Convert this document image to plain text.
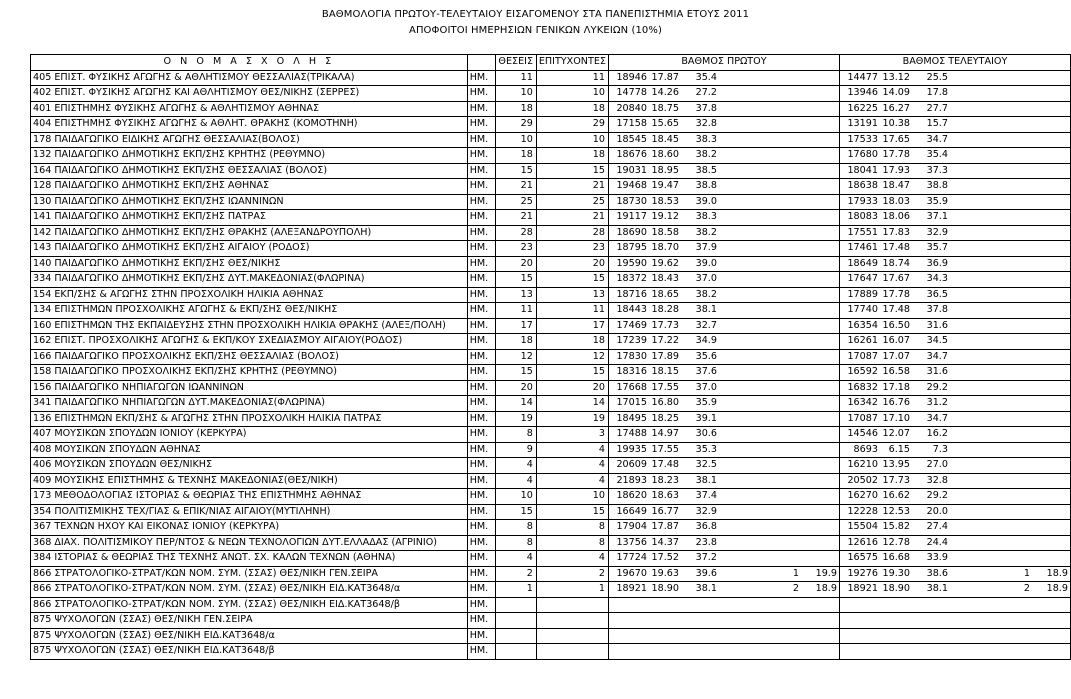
ΒΑΘΜΟΛΟΓΙΑ ΠΡΩΤΟΥ-ΤΕΛΕΥΤΑΙΟΥ ΕΙΣΑΓΟΜΕΝΟΥ ΣΤΑ ΠΑΝΕΠΙΣΤΗΜΙΑ ΕΤΟΥΣ 2011
ΑΠΟΦΟΙΤΟΙ ΗΜΕΡΗΣΙΩΝ ΓΕΝΙΚΩΝ ΛΥΚΕΙΩΝ (10%)
Ο Ν Ο Μ Α Σ Χ Ο Λ Η Σ			ΘΕΣΕΙΣ	ΕΠΙΤΥΧΟΝΤΕΣ	ΒΑΘΜΟΣ ΠΡΩΤΟΥ	ΒΑΘΜΟΣ ΤΕΛΕΥΤΑΙΟΥ
405	ΕΠΙΣΤ. ΦΥΣΙΚΗΣ ΑΓΩΓΗΣ & ΑΘΛΗΤΙΣΜΟΥ ΘΕΣΣΑΛΙΑΣ(ΤΡΙΚΑΛΑ)	ΗΜ.	11	11	18946 17.87 35.4	14477 13.12 25.5
402	ΕΠΙΣΤ. ΦΥΣΙΚΗΣ ΑΓΩΓΗΣ ΚΑΙ ΑΘΛΗΤΙΣΜΟΥ ΘΕΣ/ΝΙΚΗΣ (ΣΕΡΡΕΣ)	ΗΜ.	10	10	14778 14.26 27.2	13946 14.09 17.8
401	ΕΠΙΣΤΗΜΗΣ ΦΥΣΙΚΗΣ ΑΓΩΓΗΣ & ΑΘΛΗΤΙΣΜΟΥ ΑΘΗΝΑΣ	ΗΜ.	18	18	20840 18.75 37.8	16225 16.27 27.7
404	ΕΠΙΣΤΗΜΗΣ ΦΥΣΙΚΗΣ ΑΓΩΓΗΣ & ΑΘΛΗΤ. ΘΡΑΚΗΣ (ΚΟΜΟΤΗΝΗ)	ΗΜ.	29	29	17158 15.65 32.8	13191 10.38 15.7
178	ΠΑΙΔΑΓΩΓΙΚΟ ΕΙΔΙΚΗΣ ΑΓΩΓΗΣ ΘΕΣΣΑΛΙΑΣ(ΒΟΛΟΣ)	ΗΜ.	10	10	18545 18.45 38.3	17533 17.65 34.7
132	ΠΑΙΔΑΓΩΓΙΚΟ ΔΗΜΟΤΙΚΗΣ ΕΚΠ/ΣΗΣ ΚΡΗΤΗΣ (ΡΕΘΥΜΝΟ)	ΗΜ.	18	18	18676 18.60 38.2	17680 17.78 35.4
164	ΠΑΙΔΑΓΩΓΙΚΟ ΔΗΜΟΤΙΚΗΣ ΕΚΠ/ΣΗΣ ΘΕΣΣΑΛΙΑΣ (ΒΟΛΟΣ)	ΗΜ.	15	15	19031 18.95 38.5	18041 17.93 37.3
128	ΠΑΙΔΑΓΩΓΙΚΟ ΔΗΜΟΤΙΚΗΣ ΕΚΠ/ΣΗΣ ΑΘΗΝΑΣ	ΗΜ.	21	21	19468 19.47 38.8	18638 18.47 38.8
130	ΠΑΙΔΑΓΩΓΙΚΟ ΔΗΜΟΤΙΚΗΣ ΕΚΠ/ΣΗΣ ΙΩΑΝΝΙΝΩΝ	ΗΜ.	25	25	18730 18.53 39.0	17933 18.03 35.9
141	ΠΑΙΔΑΓΩΓΙΚΟ ΔΗΜΟΤΙΚΗΣ ΕΚΠ/ΣΗΣ ΠΑΤΡΑΣ	ΗΜ.	21	21	19117 19.12 38.3	18083 18.06 37.1
142	ΠΑΙΔΑΓΩΓΙΚΟ ΔΗΜΟΤΙΚΗΣ ΕΚΠ/ΣΗΣ ΘΡΑΚΗΣ (ΑΛΕΞΑΝΔΡΟΥΠΟΛΗ)	ΗΜ.	28	28	18690 18.58 38.2	17551 17.83 32.9
143	ΠΑΙΔΑΓΩΓΙΚΟ ΔΗΜΟΤΙΚΗΣ ΕΚΠ/ΣΗΣ ΑΙΓΑΙΟΥ (ΡΟΔΟΣ)	ΗΜ.	23	23	18795 18.70 37.9	17461 17.48 35.7
140	ΠΑΙΔΑΓΩΓΙΚΟ ΔΗΜΟΤΙΚΗΣ ΕΚΠ/ΣΗΣ ΘΕΣ/ΝΙΚΗΣ	ΗΜ.	20	20	19590 19.62 39.0	18649 18.74 36.9
334	ΠΑΙΔΑΓΩΓΙΚΟ ΔΗΜΟΤΙΚΗΣ ΕΚΠ/ΣΗΣ ΔΥΤ.ΜΑΚΕΔΟΝΙΑΣ(ΦΛΩΡΙΝΑ)	ΗΜ.	15	15	18372 18.43 37.0	17647 17.67 34.3
154	ΕΚΠ/ΣΗΣ & ΑΓΩΓΗΣ ΣΤΗΝ ΠΡΟΣΧΟΛΙΚΗ ΗΛΙΚΙΑ ΑΘΗΝΑΣ	ΗΜ.	13	13	18716 18.65 38.2	17889 17.78 36.5
134	ΕΠΙΣΤΗΜΩΝ ΠΡΟΣΧΟΛΙΚΗΣ ΑΓΩΓΗΣ & ΕΚΠ/ΣΗΣ ΘΕΣ/ΝΙΚΗΣ	ΗΜ.	11	11	18443 18.28 38.1	17740 17.48 37.8
160	ΕΠΙΣΤΗΜΩΝ ΤΗΣ ΕΚΠΑΙΔΕΥΣΗΣ ΣΤΗΝ ΠΡΟΣΧΟΛΙΚΗ ΗΛΙΚΙΑ ΘΡΑΚΗΣ (ΑΛΕΞ/ΠΟΛΗ)	ΗΜ.	17	17	17469 17.73 32.7	16354 16.50 31.6
162	ΕΠΙΣΤ. ΠΡΟΣΧΟΛΙΚΗΣ ΑΓΩΓΗΣ & ΕΚΠ/ΚΟΥ ΣΧΕΔΙΑΣΜΟΥ ΑΙΓΑΙΟΥ(ΡΟΔΟΣ)	ΗΜ.	18	18	17239 17.22 34.9	16261 16.07 34.5
166	ΠΑΙΔΑΓΩΓΙΚΟ ΠΡΟΣΧΟΛΙΚΗΣ ΕΚΠ/ΣΗΣ ΘΕΣΣΑΛΙΑΣ (ΒΟΛΟΣ)	ΗΜ.	12	12	17830 17.89 35.6	17087 17.07 34.7
158	ΠΑΙΔΑΓΩΓΙΚΟ ΠΡΟΣΧΟΛΙΚΗΣ ΕΚΠ/ΣΗΣ ΚΡΗΤΗΣ (ΡΕΘΥΜΝΟ)	ΗΜ.	15	15	18316 18.15 37.6	16592 16.58 31.6
156	ΠΑΙΔΑΓΩΓΙΚΟ ΝΗΠΙΑΓΩΓΩΝ ΙΩΑΝΝΙΝΩΝ	ΗΜ.	20	20	17668 17.55 37.0	16832 17.18 29.2
341	ΠΑΙΔΑΓΩΓΙΚΟ ΝΗΠΙΑΓΩΓΩΝ ΔΥΤ.ΜΑΚΕΔΟΝΙΑΣ(ΦΛΩΡΙΝΑ)	ΗΜ.	14	14	17015 16.80 35.9	16342 16.76 31.2
136	ΕΠΙΣΤΗΜΩΝ ΕΚΠ/ΣΗΣ & ΑΓΩΓΗΣ ΣΤΗΝ ΠΡΟΣΧΟΛΙΚΗ ΗΛΙΚΙΑ ΠΑΤΡΑΣ	ΗΜ.	19	19	18495 18.25 39.1	17087 17.10 34.7
407	ΜΟΥΣΙΚΩΝ ΣΠΟΥΔΩΝ ΙΟΝΙΟΥ (ΚΕΡΚΥΡΑ)	ΗΜ.	8	3	17488 14.97 30.6	14546 12.07 16.2
408	ΜΟΥΣΙΚΩΝ ΣΠΟΥΔΩΝ ΑΘΗΝΑΣ	ΗΜ.	9	4	19935 17.55 35.3	8693 6.15 7.3
406	ΜΟΥΣΙΚΩΝ ΣΠΟΥΔΩΝ ΘΕΣ/ΝΙΚΗΣ	ΗΜ.	4	4	20609 17.48 32.5	16210 13.95 27.0
409	ΜΟΥΣΙΚΗΣ ΕΠΙΣΤΗΜΗΣ & ΤΕΧΝΗΣ ΜΑΚΕΔΟΝΙΑΣ(ΘΕΣ/ΝΙΚΗ)	ΗΜ.	4	4	21893 18.23 38.1	20502 17.73 32.8
173	ΜΕΘΟΔΟΛΟΓΙΑΣ ΙΣΤΟΡΙΑΣ & ΘΕΩΡΙΑΣ ΤΗΣ ΕΠΙΣΤΗΜΗΣ ΑΘΗΝΑΣ	ΗΜ.	10	10	18620 18.63 37.4	16270 16.62 29.2
354	ΠΟΛΙΤΙΣΜΙΚΗΣ ΤΕΧ/ΓΙΑΣ & ΕΠΙΚ/ΝΙΑΣ ΑΙΓΑΙΟΥ(ΜΥΤΙΛΗΝΗ)	ΗΜ.	15	15	16649 16.77 32.9	12228 12.53 20.0
367	ΤΕΧΝΩΝ ΗΧΟΥ ΚΑΙ ΕΙΚΟΝΑΣ ΙΟΝΙΟΥ (ΚΕΡΚΥΡΑ)	ΗΜ.	8	8	17904 17.87 36.8	15504 15.82 27.4
368	ΔΙΑΧ. ΠΟΛΙΤΙΣΜΙΚΟΥ ΠΕΡ/ΝΤΟΣ & ΝΕΩΝ ΤΕΧΝΟΛΟΓΙΩΝ ΔΥΤ.ΕΛΛΑΔΑΣ (ΑΓΡΙΝΙΟ)	ΗΜ.	8	8	13756 14.37 23.8	12616 12.78 24.4
384	ΙΣΤΟΡΙΑΣ & ΘΕΩΡΙΑΣ ΤΗΣ ΤΕΧΝΗΣ ΑΝΩΤ. ΣΧ. ΚΑΛΩΝ ΤΕΧΝΩΝ (ΑΘΗΝΑ)	ΗΜ.	4	4	17724 17.52 37.2	16575 16.68 33.9
866	ΣΤΡΑΤΟΛΟΓΙΚΟ-ΣΤΡΑΤ/ΚΩΝ ΝΟΜ. ΣΥΜ. (ΣΣΑΣ) ΘΕΣ/ΝΙΚΗ ΓΕΝ.ΣΕΙΡΑ	ΗΜ.	2	2	19670 19.63 39.6 1 19.9	19276 19.30 38.6 1 18.9
866	ΣΤΡΑΤΟΛΟΓΙΚΟ-ΣΤΡΑΤ/ΚΩΝ ΝΟΜ. ΣΥΜ. (ΣΣΑΣ) ΘΕΣ/ΝΙΚΗ ΕΙΔ.ΚΑΤ3648/α	ΗΜ.	1	1	18921 18.90 38.1 2 18.9	18921 18.90 38.1 2 18.9
866	ΣΤΡΑΤΟΛΟΓΙΚΟ-ΣΤΡΑΤ/ΚΩΝ ΝΟΜ. ΣΥΜ. (ΣΣΑΣ) ΘΕΣ/ΝΙΚΗ ΕΙΔ.ΚΑΤ3648/β	ΗΜ.				
875	ΨΥΧΟΛΟΓΩΝ (ΣΣΑΣ) ΘΕΣ/ΝΙΚΗ ΓΕΝ.ΣΕΙΡΑ	ΗΜ.				
875	ΨΥΧΟΛΟΓΩΝ (ΣΣΑΣ) ΘΕΣ/ΝΙΚΗ ΕΙΔ.ΚΑΤ3648/α	ΗΜ.				
875	ΨΥΧΟΛΟΓΩΝ (ΣΣΑΣ) ΘΕΣ/ΝΙΚΗ ΕΙΔ.ΚΑΤ3648/β	ΗΜ.				
